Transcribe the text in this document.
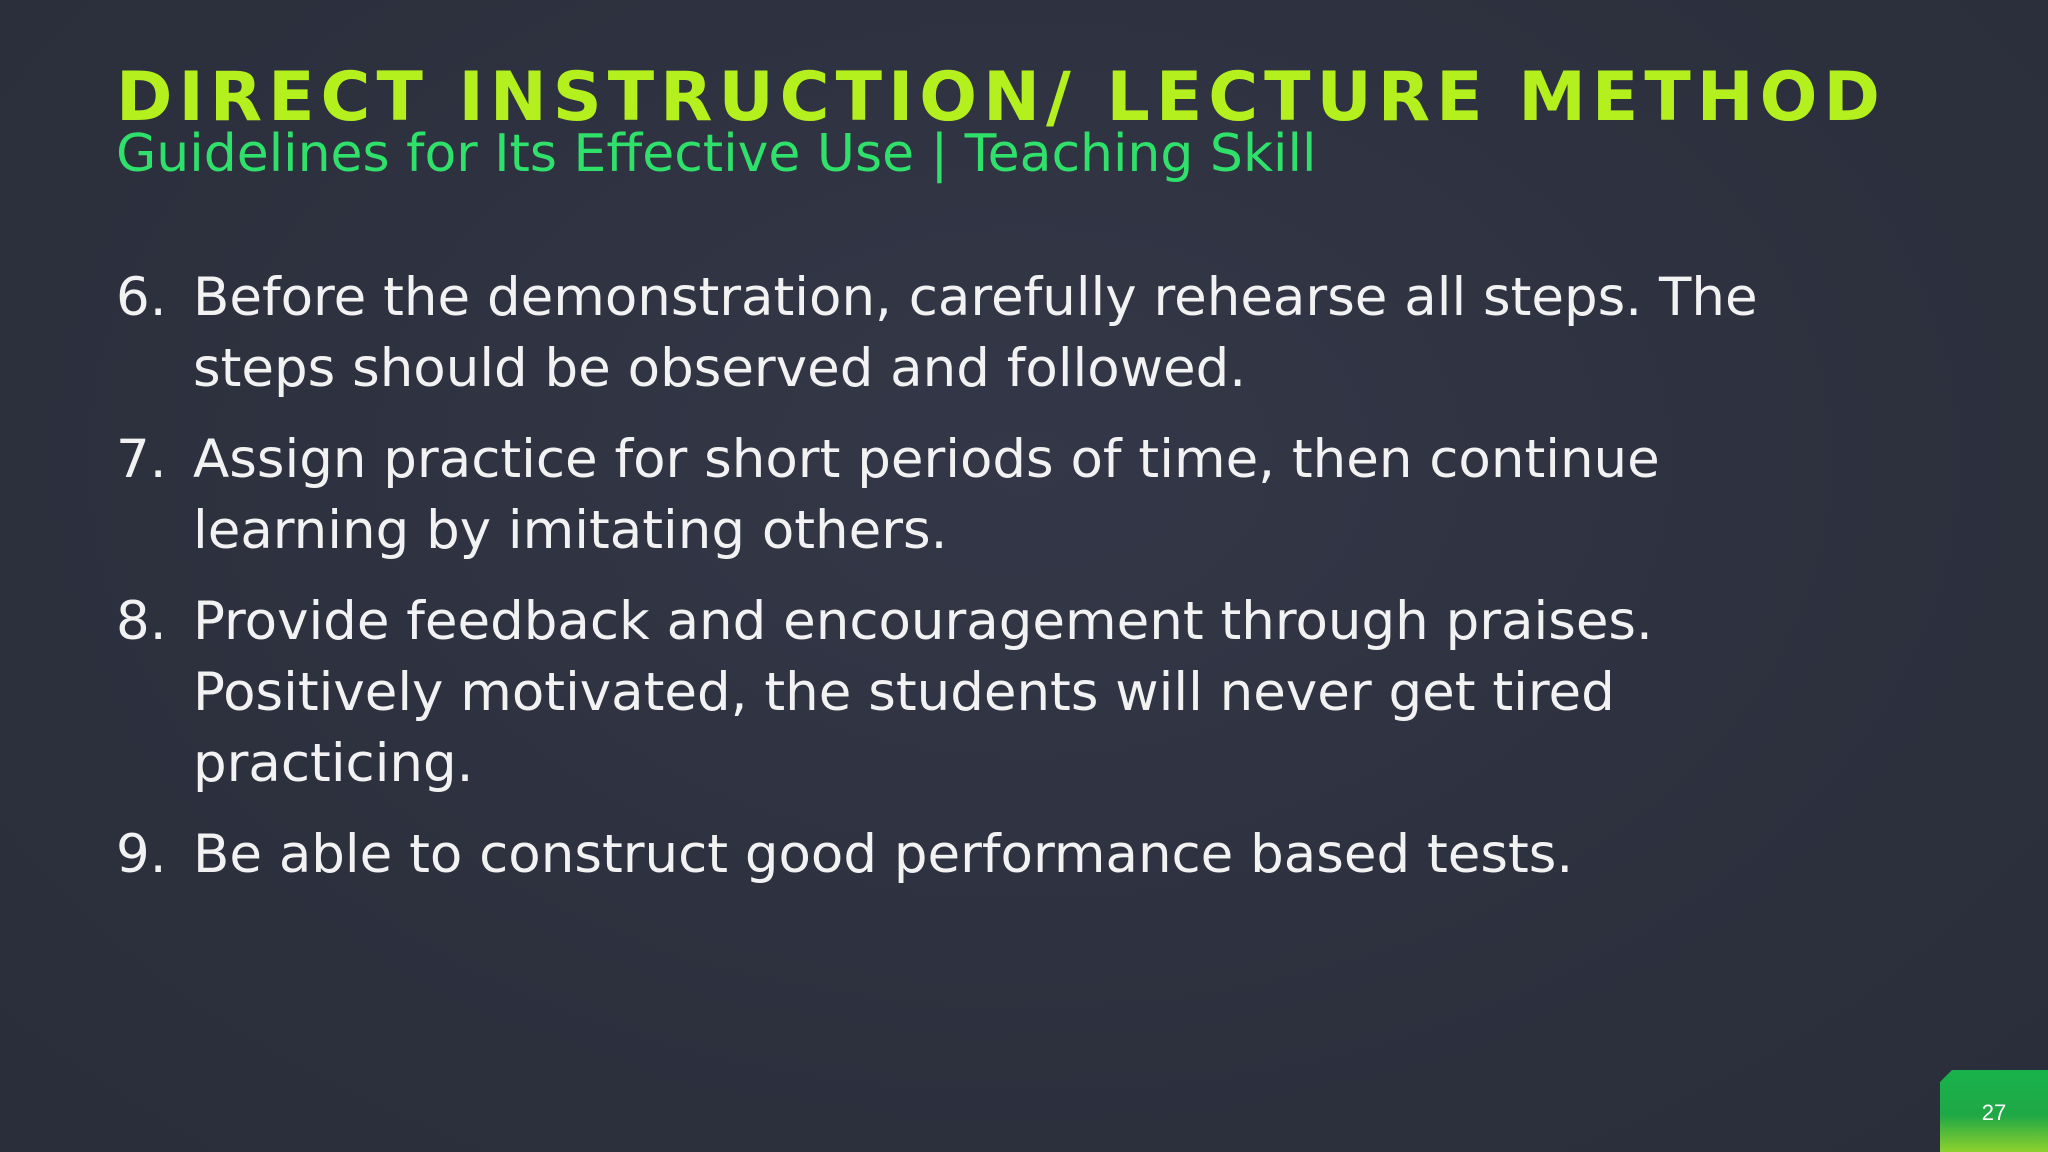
DIRECT INSTRUCTION/ LECTURE METHOD
Guidelines for Its Effective Use | Teaching Skill
6. Before the demonstration, carefully rehearse all steps. The steps should be observed and followed.
7. Assign practice for short periods of time, then continue learning by imitating others.
8. Provide feedback and encouragement through praises. Positively motivated, the students will never get tired practicing.
9. Be able to construct good performance based tests.
27
